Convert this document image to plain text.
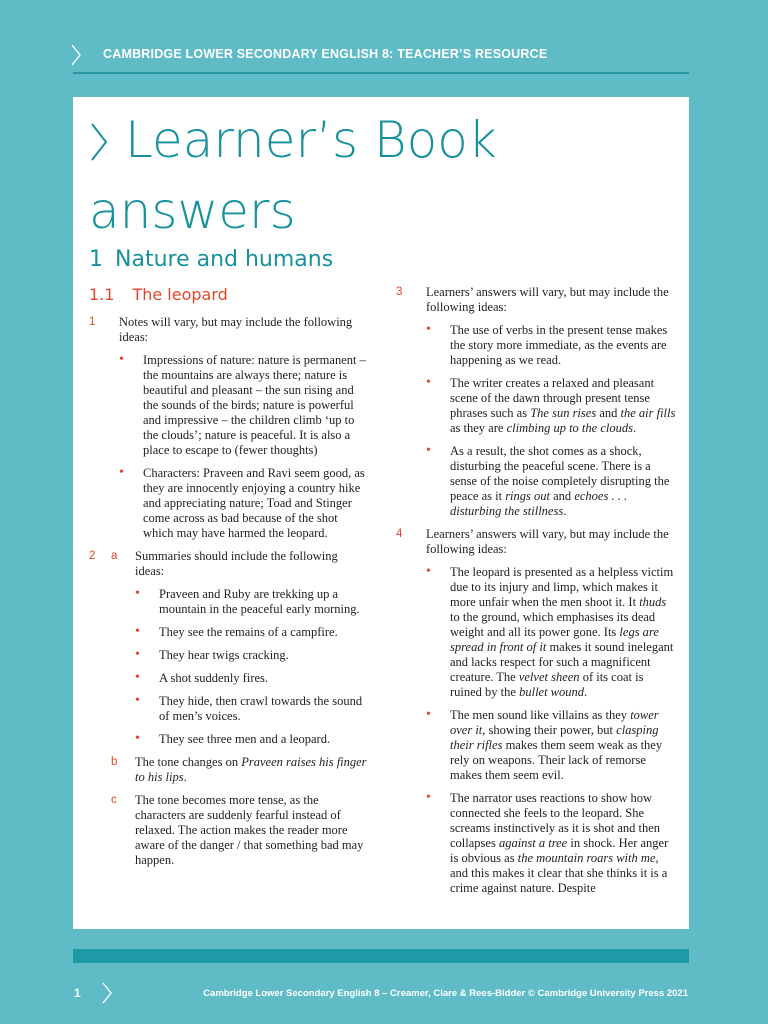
CAMBRIDGE LOWER SECONDARY ENGLISH 8: TEACHER’S RESOURCE
Learner’s Book
answers
1 Nature and humans
1.1 The leopard
1 Notes will vary, but may include the following ideas:
• Impressions of nature: nature is permanent – the mountains are always there; nature is beautiful and pleasant – the sun rising and the sounds of the birds; nature is powerful and impressive – the children climb ‘up to the clouds’; nature is peaceful. It is also a place to escape to (fewer thoughts)
• Characters: Praveen and Ravi seem good, as they are innocently enjoying a country hike and appreciating nature; Toad and Stinger come across as bad because of the shot which may have harmed the leopard.
2 a Summaries should include the following ideas:
• Praveen and Ruby are trekking up a mountain in the peaceful early morning.
• They see the remains of a campfire.
• They hear twigs cracking.
• A shot suddenly fires.
• They hide, then crawl towards the sound of men’s voices.
• They see three men and a leopard.
b The tone changes on Praveen raises his finger to his lips.
c The tone becomes more tense, as the characters are suddenly fearful instead of relaxed. The action makes the reader more aware of the danger / that something bad may happen.
3 Learners’ answers will vary, but may include the following ideas:
• The use of verbs in the present tense makes the story more immediate, as the events are happening as we read.
• The writer creates a relaxed and pleasant scene of the dawn through present tense phrases such as The sun rises and the air fills as they are climbing up to the clouds.
• As a result, the shot comes as a shock, disturbing the peaceful scene. There is a sense of the noise completely disrupting the peace as it rings out and echoes . . . disturbing the stillness.
4 Learners’ answers will vary, but may include the following ideas:
• The leopard is presented as a helpless victim due to its injury and limp, which makes it more unfair when the men shoot it. It thuds to the ground, which emphasises its dead weight and all its power gone. Its legs are spread in front of it makes it sound inelegant and lacks respect for such a magnificent creature. The velvet sheen of its coat is ruined by the bullet wound.
• The men sound like villains as they tower over it, showing their power, but clasping their rifles makes them seem weak as they rely on weapons. Their lack of remorse makes them seem evil.
• The narrator uses reactions to show how connected she feels to the leopard. She screams instinctively as it is shot and then collapses against a tree in shock. Her anger is obvious as the mountain roars with me, and this makes it clear that she thinks it is a crime against nature. Despite
1	Cambridge Lower Secondary English 8 – Creamer, Clare & Rees-Bidder © Cambridge University Press 2021
